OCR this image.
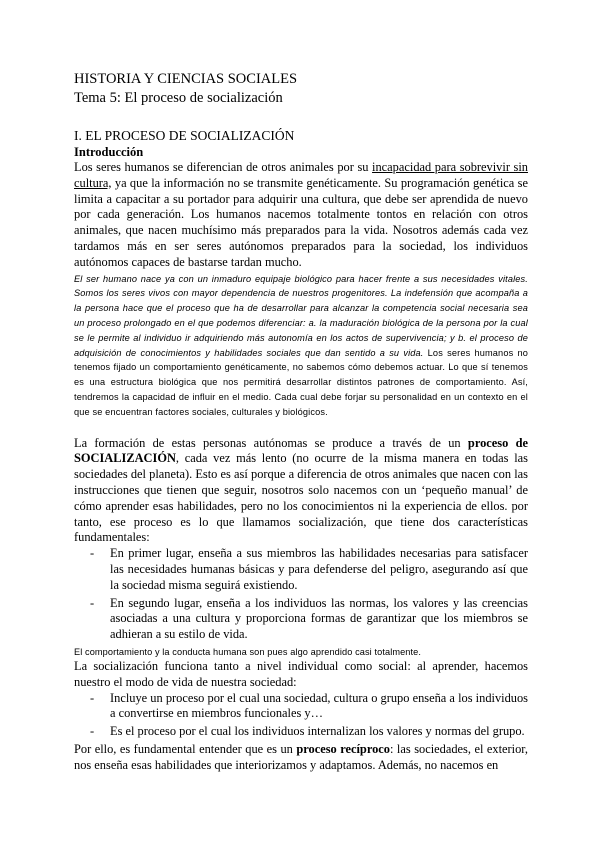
HISTORIA Y CIENCIAS SOCIALES
Tema 5: El proceso de socialización
I. EL PROCESO DE SOCIALIZACIÓN
Introducción

Los seres humanos se diferencian de otros animales por su incapacidad para sobrevivir sin cultura, ya que la información no se transmite genéticamente. Su programación genética se limita a capacitar a su portador para adquirir una cultura, que debe ser aprendida de nuevo por cada generación. Los humanos nacemos totalmente tontos en relación con otros animales, que nacen muchísimo más preparados para la vida. Nosotros además cada vez tardamos más en ser seres autónomos preparados para la sociedad, los individuos autónomos capaces de bastarse tardan mucho.

El ser humano nace ya con un inmaduro equipaje biológico para hacer frente a sus necesidades vitales. Somos los seres vivos con mayor dependencia de nuestros progenitores. La indefensión que acompaña a la persona hace que el proceso que ha de desarrollar para alcanzar la competencia social necesaria sea un proceso prolongado en el que podemos diferenciar: a. la maduración biológica de la persona por la cual se le permite al individuo ir adquiriendo más autonomía en los actos de supervivencia; y b. el proceso de adquisición de conocimientos y habilidades sociales que dan sentido a su vida. Los seres humanos no tenemos fijado un comportamiento genéticamente, no sabemos cómo debemos actuar. Lo que sí tenemos es una estructura biológica que nos permitirá desarrollar distintos patrones de comportamiento. Así, tendremos la capacidad de influir en el medio. Cada cual debe forjar su personalidad en un contexto en el que se encuentran factores sociales, culturales y biológicos.

La formación de estas personas autónomas se produce a través de un proceso de SOCIALIZACIÓN, cada vez más lento (no ocurre de la misma manera en todas las sociedades del planeta). Esto es así porque a diferencia de otros animales que nacen con las instrucciones que tienen que seguir, nosotros solo nacemos con un ‘pequeño manual’ de cómo aprender esas habilidades, pero no los conocimientos ni la experiencia de ellos. por tanto, ese proceso es lo que llamamos socialización, que tiene dos características fundamentales:

- En primer lugar, enseña a sus miembros las habilidades necesarias para satisfacer las necesidades humanas básicas y para defenderse del peligro, asegurando así que la sociedad misma seguirá existiendo.
- En segundo lugar, enseña a los individuos las normas, los valores y las creencias asociadas a una cultura y proporciona formas de garantizar que los miembros se adhieran a su estilo de vida.

El comportamiento y la conducta humana son pues algo aprendido casi totalmente.

La socialización funciona tanto a nivel individual como social: al aprender, hacemos nuestro el modo de vida de nuestra sociedad:

- Incluye un proceso por el cual una sociedad, cultura o grupo enseña a los individuos a convertirse en miembros funcionales y…
- Es el proceso por el cual los individuos internalizan los valores y normas del grupo.

Por ello, es fundamental entender que es un proceso recíproco: las sociedades, el exterior, nos enseña esas habilidades que interiorizamos y adaptamos. Además, no nacemos en
